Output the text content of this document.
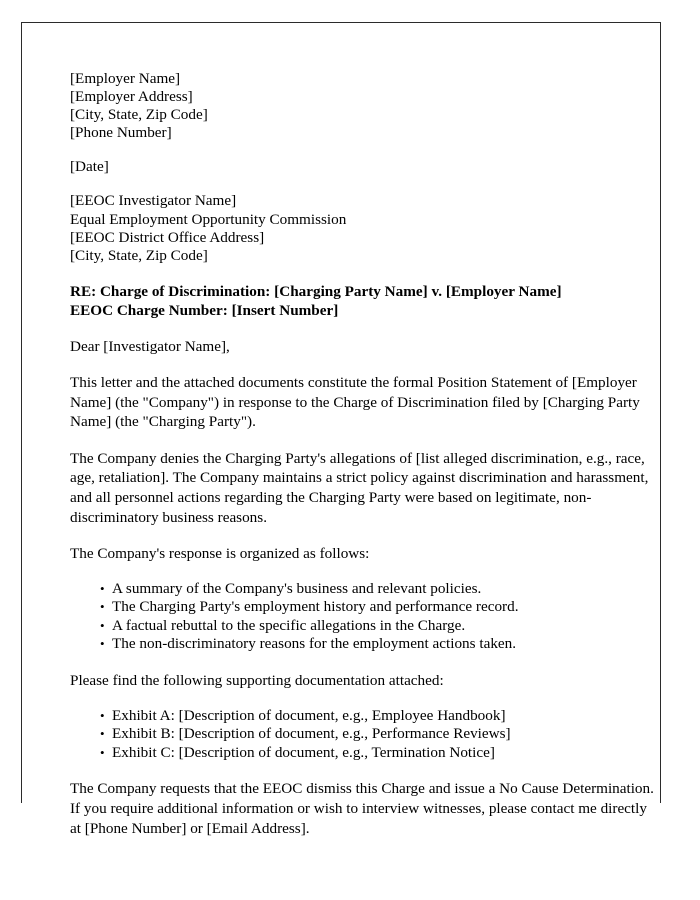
[Employer Name]
[Employer Address]
[City, State, Zip Code]
[Phone Number]
[Date]
[EEOC Investigator Name]
Equal Employment Opportunity Commission
[EEOC District Office Address]
[City, State, Zip Code]
RE: Charge of Discrimination: [Charging Party Name] v. [Employer Name]
EEOC Charge Number: [Insert Number]
Dear [Investigator Name],
This letter and the attached documents constitute the formal Position Statement of [Employer Name] (the "Company") in response to the Charge of Discrimination filed by [Charging Party Name] (the "Charging Party").
The Company denies the Charging Party's allegations of [list alleged discrimination, e.g., race, age, retaliation]. The Company maintains a strict policy against discrimination and harassment, and all personnel actions regarding the Charging Party were based on legitimate, non-discriminatory business reasons.
The Company's response is organized as follows:
• A summary of the Company's business and relevant policies.
• The Charging Party's employment history and performance record.
• A factual rebuttal to the specific allegations in the Charge.
• The non-discriminatory reasons for the employment actions taken.
Please find the following supporting documentation attached:
• Exhibit A: [Description of document, e.g., Employee Handbook]
• Exhibit B: [Description of document, e.g., Performance Reviews]
• Exhibit C: [Description of document, e.g., Termination Notice]
The Company requests that the EEOC dismiss this Charge and issue a No Cause Determination. If you require additional information or wish to interview witnesses, please contact me directly at [Phone Number] or [Email Address].
